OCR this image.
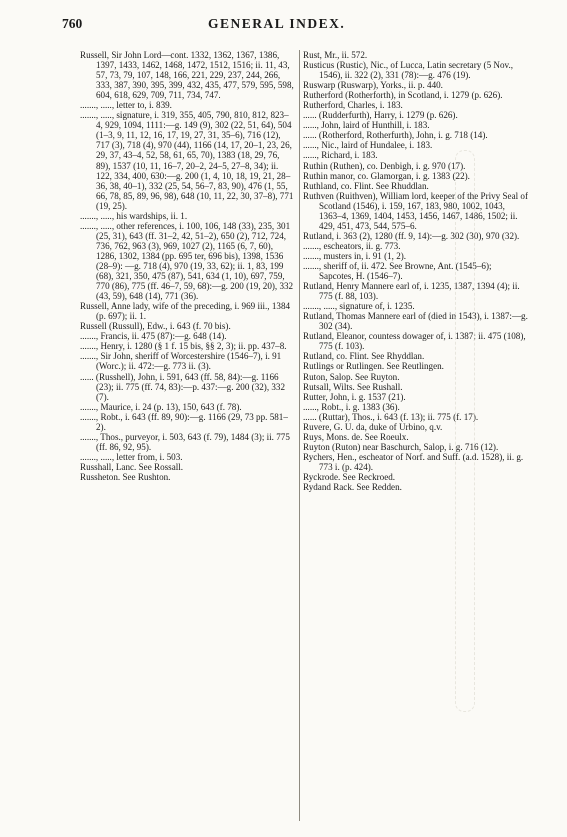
760	GENERAL INDEX.

Russell, Sir John Lord—cont. 1332, 1362, 1367, 1386, 1397, 1433, 1462, 1468, 1472, 1512, 1516; ii. 11, 43, 57, 73, 79, 107, 148, 166, 221, 229, 237, 244, 266, 333, 387, 390, 395, 399, 432, 435, 477, 579, 595, 598, 604, 618, 629, 709, 711, 734, 747.

......., ....., letter to, i. 839.

......., ....., signature, i. 319, 355, 405, 790, 810, 812, 823–4, 929, 1094, 1111:—g. 149 (9), 302 (22, 51, 64), 504 (1–3, 9, 11, 12, 16, 17, 19, 27, 31, 35–6), 716 (12), 717 (3), 718 (4), 970 (44), 1166 (14, 17, 20–1, 23, 26, 29, 37, 43–4, 52, 58, 61, 65, 70), 1383 (18, 29, 76, 89), 1537 (10, 11, 16–7, 20–2, 24–5, 27–8, 34); ii. 122, 334, 400, 630:—g. 200 (1, 4, 10, 18, 19, 21, 28–36, 38, 40–1), 332 (25, 54, 56–7, 83, 90), 476 (1, 55, 66, 78, 85, 89, 96, 98), 648 (10, 11, 22, 30, 37–8), 771 (19, 25).

......., ....., his wardships, ii. 1.

......., ....., other references, i. 100, 106, 148 (33), 235, 301 (25, 31), 643 (ff. 31–2, 42, 51–2), 650 (2), 712, 724, 736, 762, 963 (3), 969, 1027 (2), 1165 (6, 7, 60), 1286, 1302, 1384 (pp. 695 ter, 696 bis), 1398, 1536 (28–9): —g. 718 (4), 970 (19, 33, 62); ii. 1, 83, 199 (68), 321, 350, 475 (87), 541, 634 (1, 10), 697, 759, 770 (86), 775 (ff. 46–7, 59, 68):—g. 200 (19, 20), 332 (43, 59), 648 (14), 771 (36).

Russell, Anne lady, wife of the preceding, i. 969 iii., 1384 (p. 697); ii. 1.

Russell (Russull), Edw., i. 643 (f. 70 bis).

......., Francis, ii. 475 (87):—g. 648 (14).

......., Henry, i. 1280 (§ 1 f. 15 bis, §§ 2, 3); ii. pp. 437–8.

......., Sir John, sheriff of Worcestershire (1546–7), i. 91 (Worc.); ii. 472:—g. 773 ii. (3).

...... (Russhell), John, i. 591, 643 (ff. 58, 84):—g. 1166 (23); ii. 775 (ff. 74, 83):—p. 437:—g. 200 (32), 332 (7).

......., Maurice, i. 24 (p. 13), 150, 643 (f. 78).

......., Robt., i. 643 (ff. 89, 90):—g. 1166 (29, 73 pp. 581–2).

......., Thos., purveyor, i. 503, 643 (f. 79), 1484 (3); ii. 775 (ff. 86, 92, 95).

......., ....., letter from, i. 503.

Russhall, Lanc. See Rossall.

Russheton. See Rushton.

Rust, Mr., ii. 572.

Rusticus (Rustic), Nic., of Lucca, Latin secretary (5 Nov., 1546), ii. 322 (2), 331 (78):—g. 476 (19).

Ruswarp (Ruswarp), Yorks., ii. p. 440.

Rutherford (Rotherforth), in Scotland, i. 1279 (p. 626).

Rutherford, Charles, i. 183.

...... (Rudderfurth), Harry, i. 1279 (p. 626).

......, John, laird of Hunthill, i. 183.

...... (Rotherford, Rotherfurth), John, i. g. 718 (14).

......, Nic., laird of Hundalee, i. 183.

......, Richard, i. 183.

Ruthin (Ruthen), co. Denbigh, i. g. 970 (17).

Ruthin manor, co. Glamorgan, i. g. 1383 (22).

Ruthland, co. Flint. See Rhuddlan.

Ruthven (Ruithven), William lord, keeper of the Privy Seal of Scotland (1546), i. 159, 167, 183, 980, 1002, 1043, 1363–4, 1369, 1404, 1453, 1456, 1467, 1486, 1502; ii. 429, 451, 473, 544, 575–6.

Rutland, i. 363 (2), 1280 (ff. 9, 14):—g. 302 (30), 970 (32).

......., escheators, ii. g. 773.

......., musters in, i. 91 (1, 2).

......., sheriff of, ii. 472. See Browne, Ant. (1545–6); Sapcotes, H. (1546–7).

Rutland, Henry Mannere earl of, i. 1235, 1387, 1394 (4); ii. 775 (f. 88, 103).

......., ....., signature of, i. 1235.

Rutland, Thomas Mannere earl of (died in 1543), i. 1387:—g. 302 (34).

Rutland, Eleanor, countess dowager of, i. 1387; ii. 475 (108), 775 (f. 103).

Rutland, co. Flint. See Rhyddlan.

Rutlings or Rutlingen. See Reutlingen.

Ruton, Salop. See Ruyton.

Rutsall, Wilts. See Rushall.

Rutter, John, i. g. 1537 (21).

......, Robt., i. g. 1383 (36).

...... (Ruttar), Thos., i. 643 (f. 13); ii. 775 (f. 17).

Ruvere, G. U. da, duke of Urbino, q.v.

Ruys, Mons. de. See Roeulx.

Ruyton (Ruton) near Baschurch, Salop, i. g. 716 (12).

Rychers, Hen., escheator of Norf. and Suff. (a.d. 1528), ii. g. 773 i. (p. 424).

Ryckrode. See Reckroed.

Rydand Rack. See Redden.
